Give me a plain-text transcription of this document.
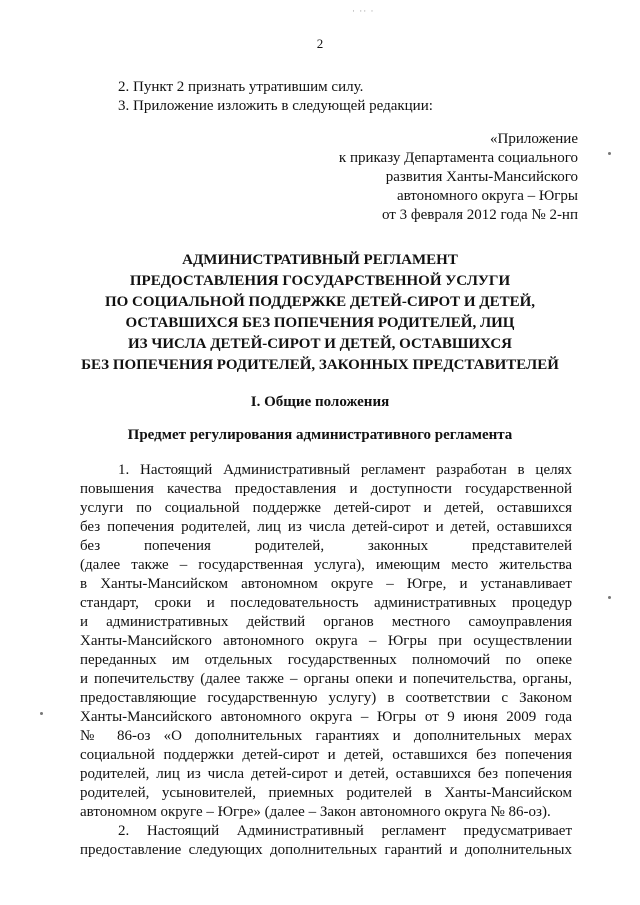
· ·· ·
2
2. Пункт 2 признать утратившим силу.
3. Приложение изложить в следующей редакции:
«Приложение
к приказу Департамента социального
развития Ханты-Мансийского
автономного округа – Югры
от 3 февраля 2012 года № 2-нп
АДМИНИСТРАТИВНЫЙ РЕГЛАМЕНТ
ПРЕДОСТАВЛЕНИЯ ГОСУДАРСТВЕННОЙ УСЛУГИ
ПО СОЦИАЛЬНОЙ ПОДДЕРЖКЕ ДЕТЕЙ-СИРОТ И ДЕТЕЙ,
ОСТАВШИХСЯ БЕЗ ПОПЕЧЕНИЯ РОДИТЕЛЕЙ, ЛИЦ
ИЗ ЧИСЛА ДЕТЕЙ-СИРОТ И ДЕТЕЙ, ОСТАВШИХСЯ
БЕЗ ПОПЕЧЕНИЯ РОДИТЕЛЕЙ, ЗАКОННЫХ ПРЕДСТАВИТЕЛЕЙ
I. Общие положения
Предмет регулирования административного регламента
1. Настоящий Административный регламент разработан в целях
повышения качества предоставления и доступности государственной
услуги по социальной поддержке детей-сирот и детей, оставшихся
без попечения родителей, лиц из числа детей-сирот и детей, оставшихся
без попечения родителей, законных представителей
(далее также – государственная услуга), имеющим место жительства
в Ханты-Мансийском автономном округе – Югре, и устанавливает
стандарт, сроки и последовательность административных процедур
и административных действий органов местного самоуправления
Ханты-Мансийского автономного округа – Югры при осуществлении
переданных им отдельных государственных полномочий по опеке
и попечительству (далее также – органы опеки и попечительства, органы,
предоставляющие государственную услугу) в соответствии с Законом
Ханты-Мансийского автономного округа – Югры от 9 июня 2009 года
№ 86-оз «О дополнительных гарантиях и дополнительных мерах
социальной поддержки детей-сирот и детей, оставшихся без попечения
родителей, лиц из числа детей-сирот и детей, оставшихся без попечения
родителей, усыновителей, приемных родителей в Ханты-Мансийском
автономном округе – Югре» (далее – Закон автономного округа № 86-оз).
2. Настоящий Административный регламент предусматривает
предоставление следующих дополнительных гарантий и дополнительных
